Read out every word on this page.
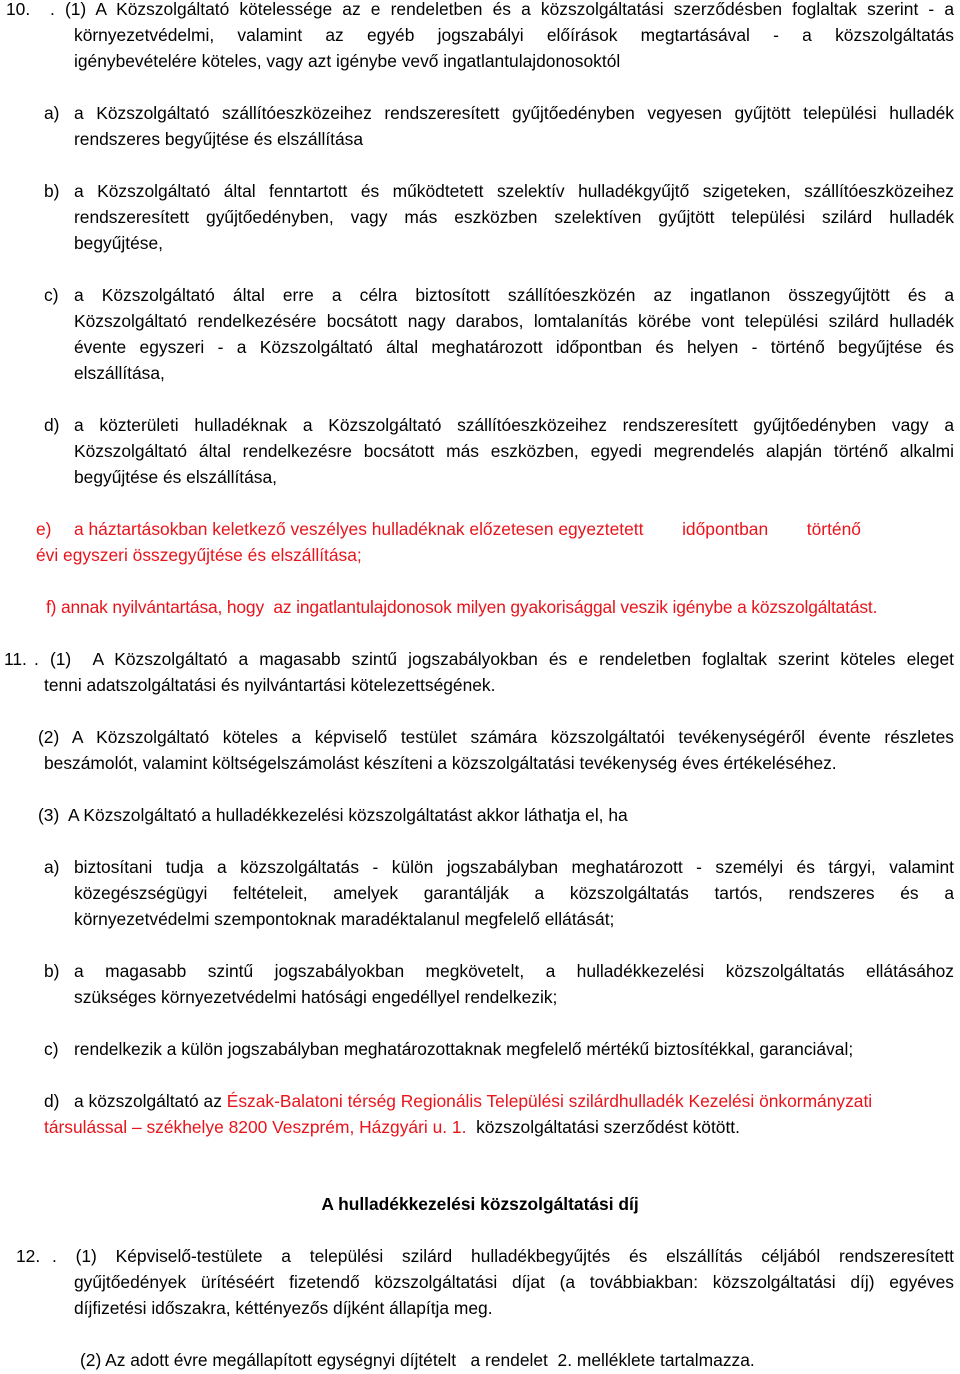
10. . (1) A Közszolgáltató kötelessége az e rendeletben és a közszolgáltatási szerződésben foglaltak szerint - a
környezetvédelmi, valamint az egyéb jogszabályi előírások megtartásával - a közszolgáltatás
igénybevételére köteles, vagy azt igénybe vevő ingatlantulajdonosoktól
a) a Közszolgáltató szállítóeszközeihez rendszeresített gyűjtőedényben vegyesen gyűjtött települési hulladék
rendszeres begyűjtése és elszállítása
b) a Közszolgáltató által fenntartott és működtetett szelektív hulladékgyűjtő szigeteken, szállítóeszközeihez
rendszeresített gyűjtőedényben, vagy más eszközben szelektíven gyűjtött települési szilárd hulladék
begyűjtése,
c) a Közszolgáltató által erre a célra biztosított szállítóeszközén az ingatlanon összegyűjtött és a
Közszolgáltató rendelkezésére bocsátott nagy darabos, lomtalanítás körébe vont települési szilárd hulladék
évente egyszeri - a Közszolgáltató által meghatározott időpontban és helyen - történő begyűjtése és
elszállítása,
d) a közterületi hulladéknak a Közszolgáltató szállítóeszközeihez rendszeresített gyűjtőedényben vagy a
Közszolgáltató által rendelkezésre bocsátott más eszközben, egyedi megrendelés alapján történő alkalmi
begyűjtése és elszállítása,
e) a háztartásokban keletkező veszélyes hulladéknak előzetesen egyeztetett        időpontban        történő
évi egyszeri összegyűjtése és elszállítása;
f) annak nyilvántartása, hogy  az ingatlantulajdonosok milyen gyakorisággal veszik igénybe a közszolgáltatást.
11. . (1)  A Közszolgáltató a magasabb szintű jogszabályokban és e rendeletben foglaltak szerint köteles eleget
tenni adatszolgáltatási és nyilvántartási kötelezettségének.
(2) A Közszolgáltató köteles a képviselő testület számára közszolgáltatói tevékenységéről évente részletes
beszámolót, valamint költségelszámolást készíteni a közszolgáltatási tevékenység éves értékeléséhez.
(3)  A Közszolgáltató a hulladékkezelési közszolgáltatást akkor láthatja el, ha
a) biztosítani tudja a közszolgáltatás - külön jogszabályban meghatározott - személyi és tárgyi, valamint
közegészségügyi feltételeit, amelyek garantálják a közszolgáltatás tartós, rendszeres és a
környezetvédelmi szempontoknak maradéktalanul megfelelő ellátását;
b) a magasabb szintű jogszabályokban megkövetelt, a hulladékkezelési közszolgáltatás ellátásához
szükséges környezetvédelmi hatósági engedéllyel rendelkezik;
c) rendelkezik a külön jogszabályban meghatározottaknak megfelelő mértékű biztosítékkal, garanciával;
d) a közszolgáltató az Észak-Balatoni térség Regionális Települési szilárdhulladék Kezelési önkormányzati
társulással – székhelye 8200 Veszprém, Házgyári u. 1.  közszolgáltatási szerződést kötött.
A hulladékkezelési közszolgáltatási díj
12. . (1) Képviselő-testülete a települési szilárd hulladékbegyűjtés és elszállítás céljából rendszeresített
gyűjtőedények ürítéséért fizetendő közszolgáltatási díjat (a továbbiakban: közszolgáltatási díj) egyéves
díjfizetési időszakra, kéttényezős díjként állapítja meg.
(2) Az adott évre megállapított egységnyi díjtételt   a rendelet  2. melléklete tartalmazza.
